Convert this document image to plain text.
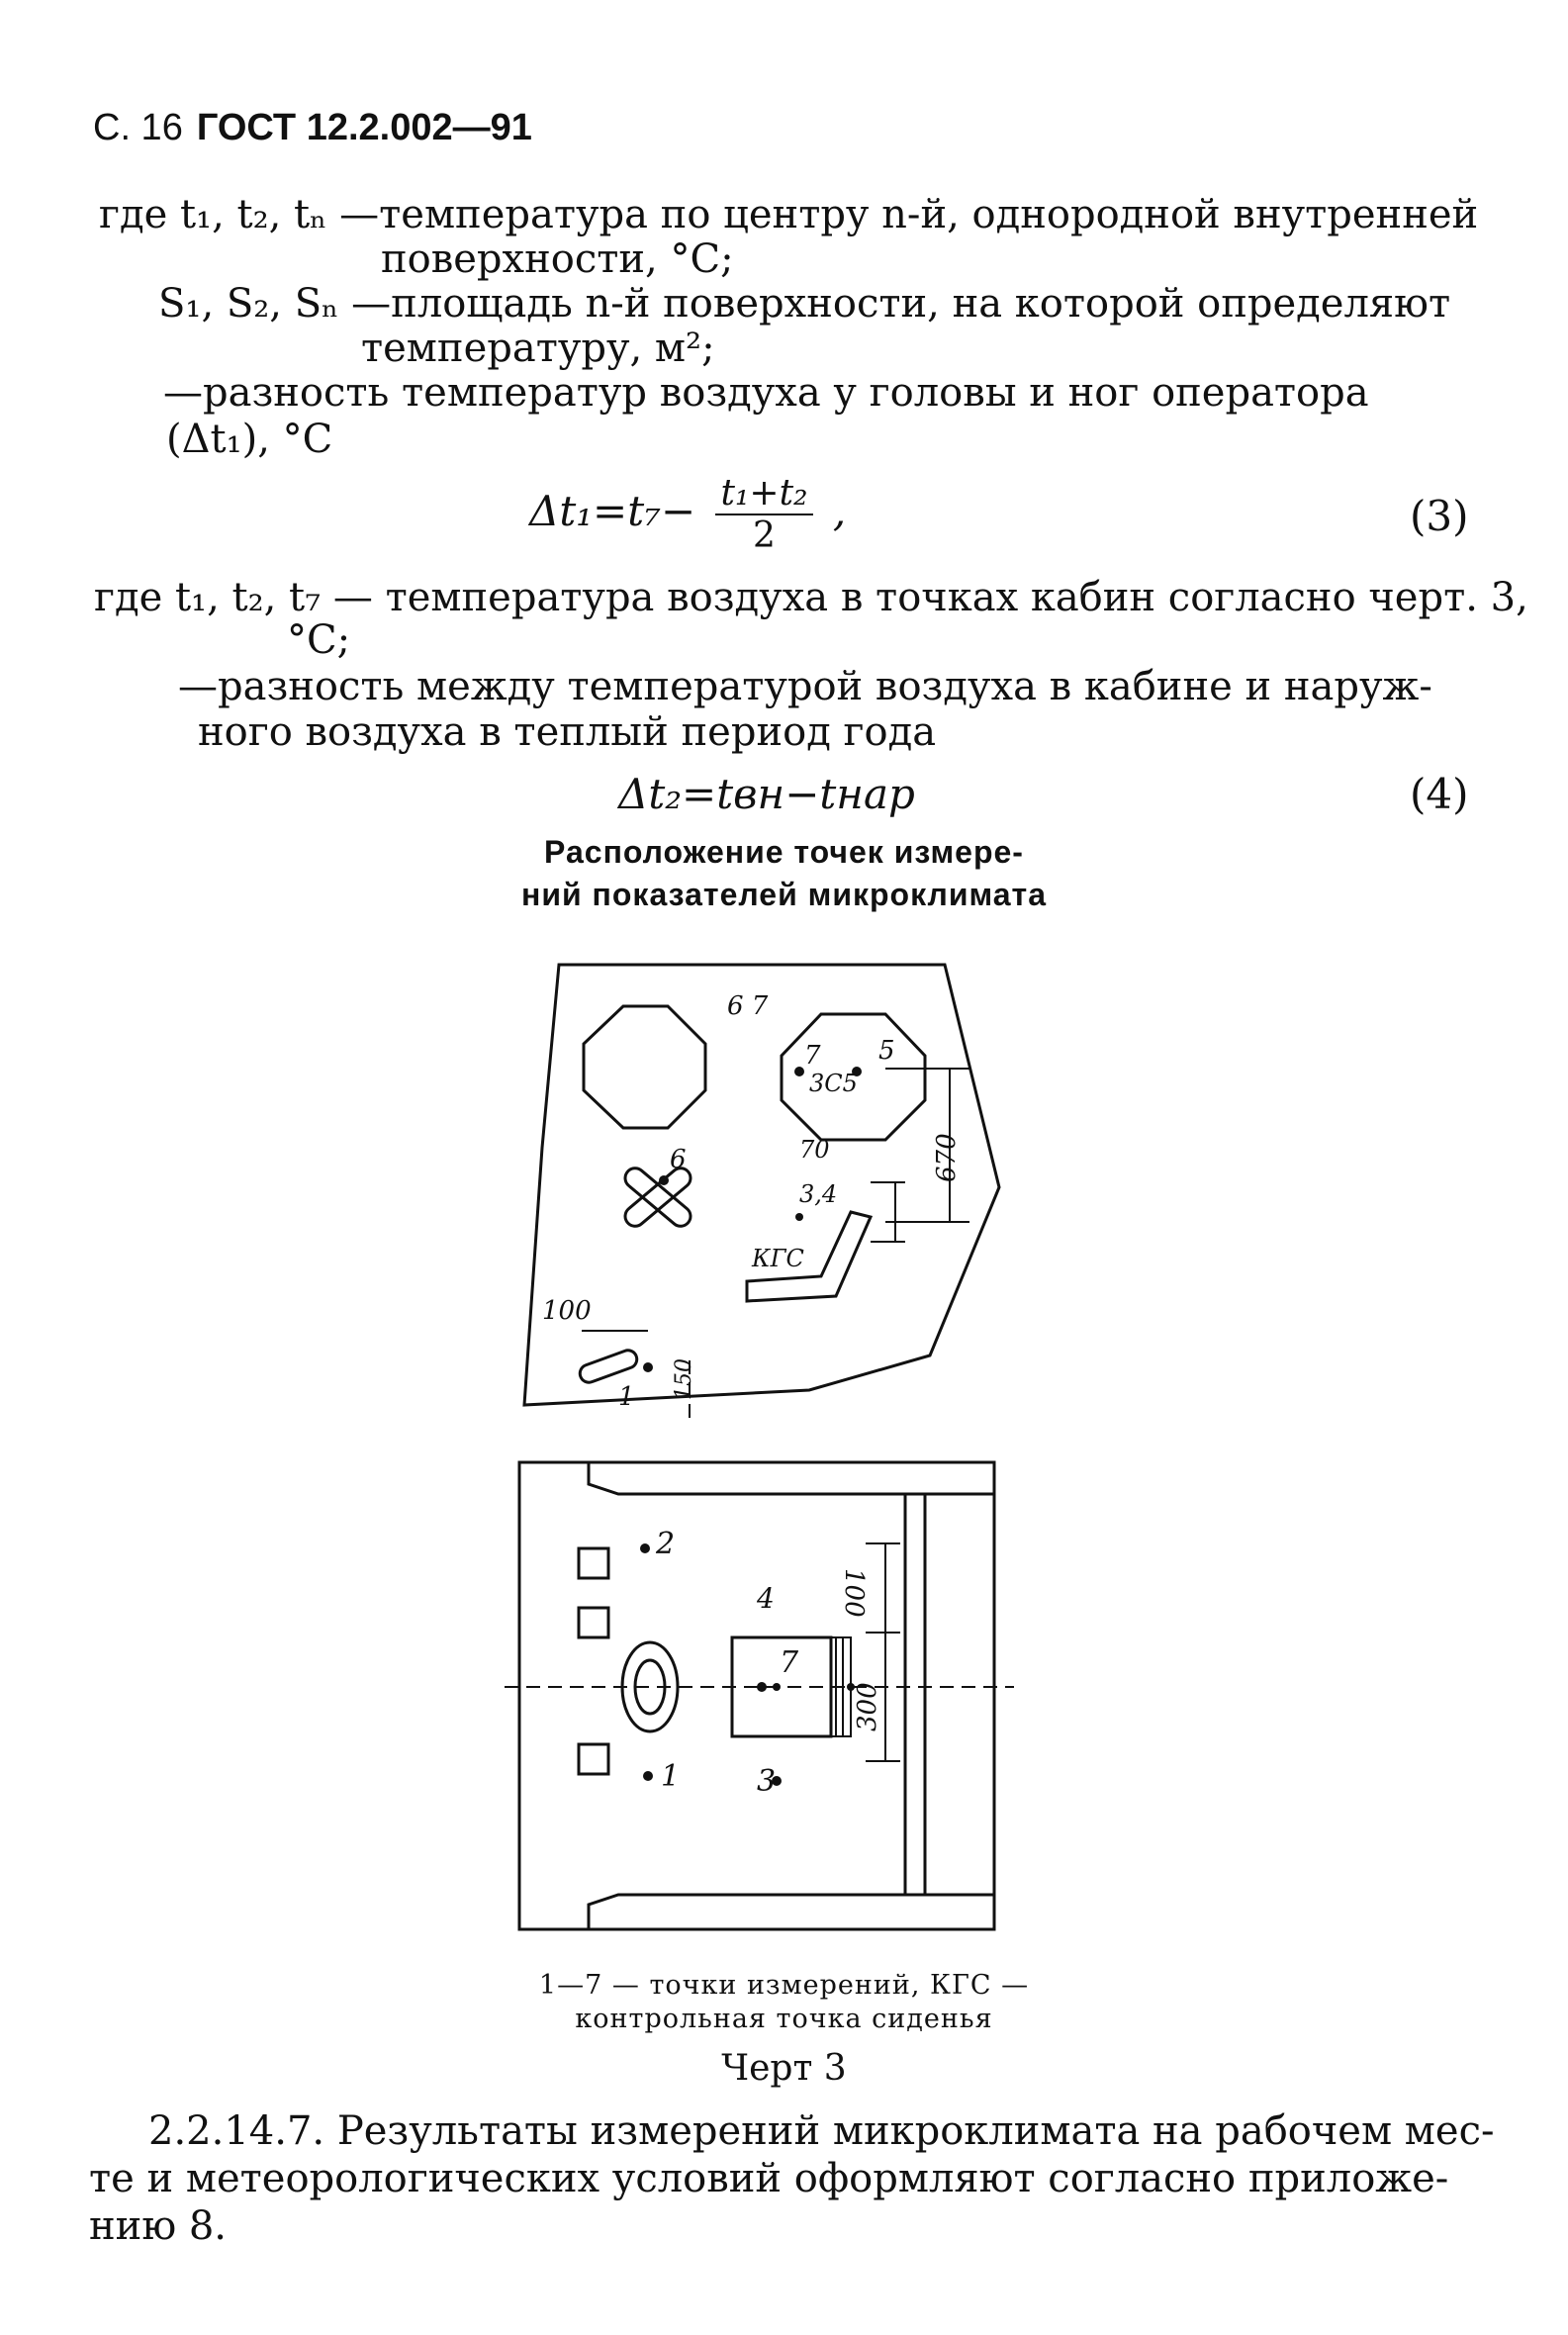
С. 16 ГОСТ 12.2.002—91
где t₁, t₂, tₙ —температура по центру n-й, однородной внутренней
поверхности, °С;
S₁, S₂, Sₙ —площадь n-й поверхности, на которой определяют
температуру, м²;
—разность температур воздуха у головы и ног оператора
(Δt₁), °С
$\Delta t_1=t_7- \frac{\text{t₁+t₂}}{2}$ ,	(3)
где t₁, t₂, t₇ — температура воздуха в точках кабин согласно черт. 3,
°С;
—разность между температурой воздуха в кабине и наруж-
ного воздуха в теплый период года
Δt₂=tвн−tнар	(4)
Расположение точек измере-
ний показателей микроклимата
6 7
7 5
3С5
6	70
3,4
КГС
670
100
150
1
2
4
7
3
1
100
300
1—7 — точки измерений, КГС —
контрольная точка сиденья
Черт 3
2.2.14.7. Результаты измерений микроклимата на рабочем мес-
те и метеорологических условий оформляют согласно приложе-
нию 8.
